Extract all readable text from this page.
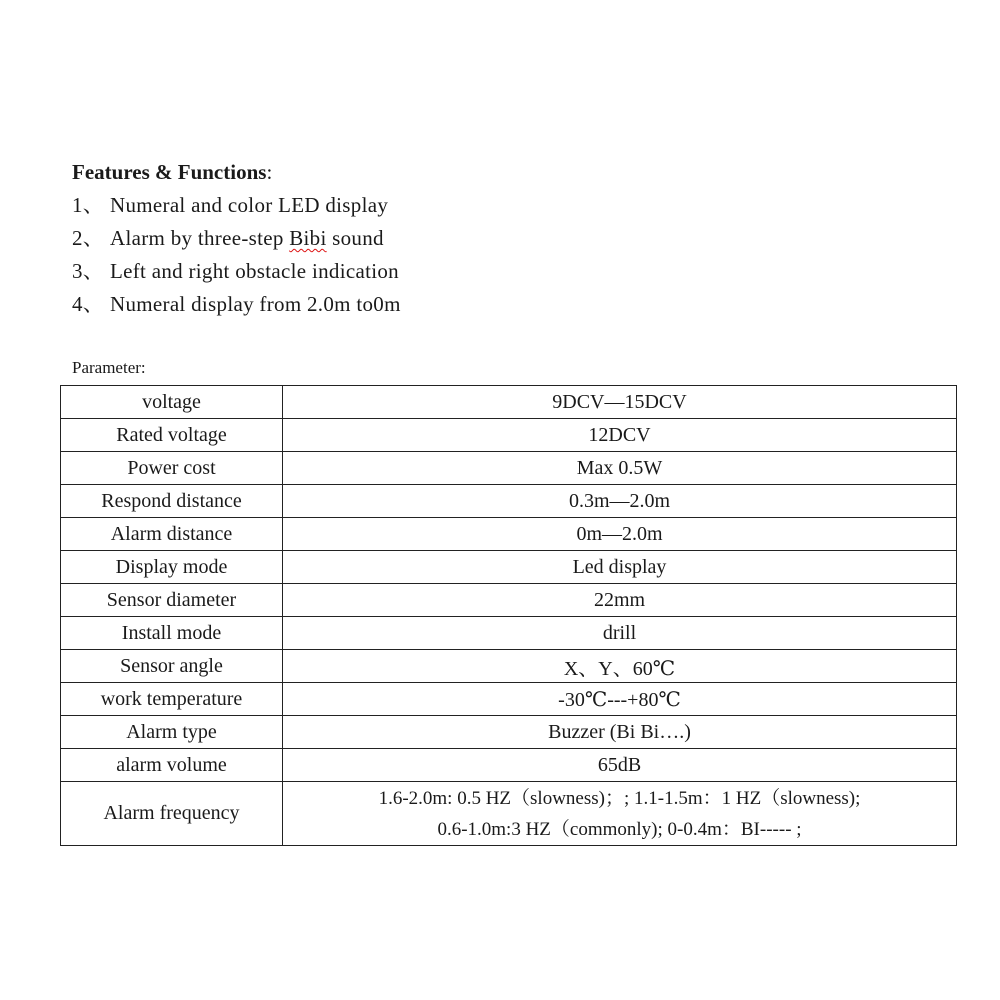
Features & Functions:
1、 Numeral and color LED display
2、 Alarm by three-step Bibi sound
3、 Left and right obstacle indication
4、 Numeral display from 2.0m to0m
Parameter:
voltage	9DCV—15DCV
Rated voltage	12DCV
Power cost	Max 0.5W
Respond distance	0.3m—2.0m
Alarm distance	0m—2.0m
Display mode	Led display
Sensor diameter	22mm
Install mode	drill
Sensor angle	X、Y、60℃
work temperature	-30℃---+80℃
Alarm type	Buzzer (Bi Bi….)
alarm volume	65dB
Alarm frequency	1.6-2.0m: 0.5 HZ（slowness)；; 1.1-1.5m：1 HZ（slowness);
0.6-1.0m:3 HZ（commonly); 0-0.4m：BI----- ;
